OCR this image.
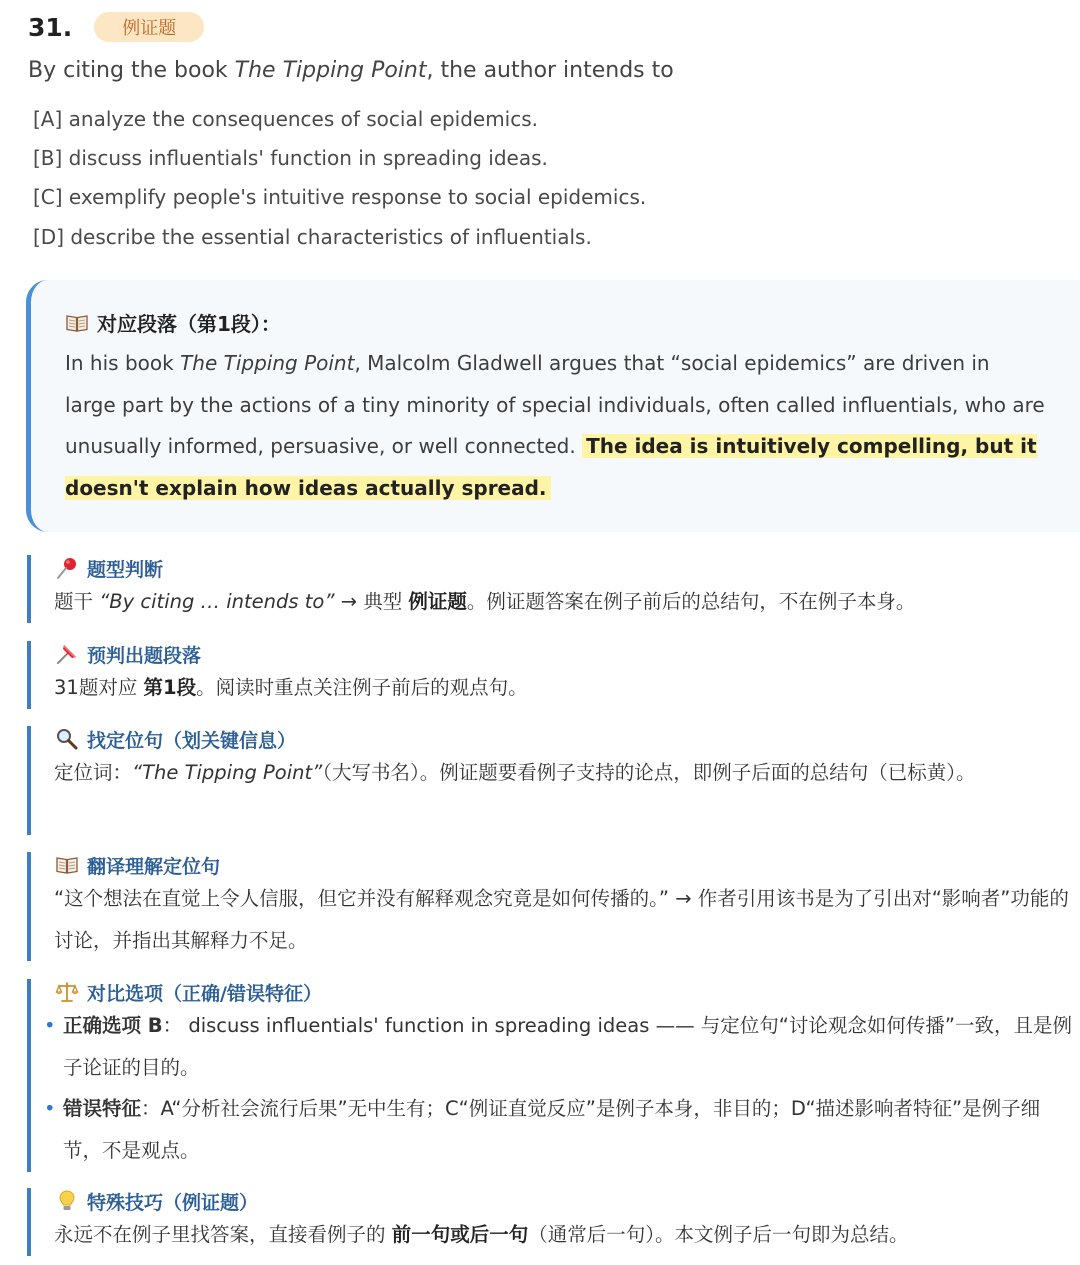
31.	例证题
By citing the book The Tipping Point, the author intends to
[A] analyze the consequences of social epidemics.
[B] discuss influentials' function in spreading ideas.
[C] exemplify people's intuitive response to social epidemics.
[D] describe the essential characteristics of influentials.
对应段落（第1段）：
In his book The Tipping Point, Malcolm Gladwell argues that “social epidemics” are driven in large part by the actions of a tiny minority of special individuals, often called influentials, who are unusually informed, persuasive, or well connected. The idea is intuitively compelling, but it doesn't explain how ideas actually spread.
题型判断
题干 “By citing … intends to” → 典型 例证题。例证题答案在例子前后的总结句，不在例子本身。
预判出题段落
31题对应 第1段。阅读时重点关注例子前后的观点句。
找定位句（划关键信息）
定位词：“The Tipping Point”（大写书名）。例证题要看例子支持的论点，即例子后面的总结句（已标黄）。
翻译理解定位句
“这个想法在直觉上令人信服，但它并没有解释观念究竟是如何传播的。” → 作者引用该书是为了引出对“影响者”功能的讨论，并指出其解释力不足。
对比选项（正确/错误特征）
• 正确选项 B： discuss influentials' function in spreading ideas —— 与定位句“讨论观念如何传播”一致，且是例子论证的目的。
• 错误特征：A“分析社会流行后果”无中生有；C“例证直觉反应”是例子本身，非目的；D“描述影响者特征”是例子细节，不是观点。
特殊技巧（例证题）
永远不在例子里找答案，直接看例子的 前一句或后一句（通常后一句）。本文例子后一句即为总结。
